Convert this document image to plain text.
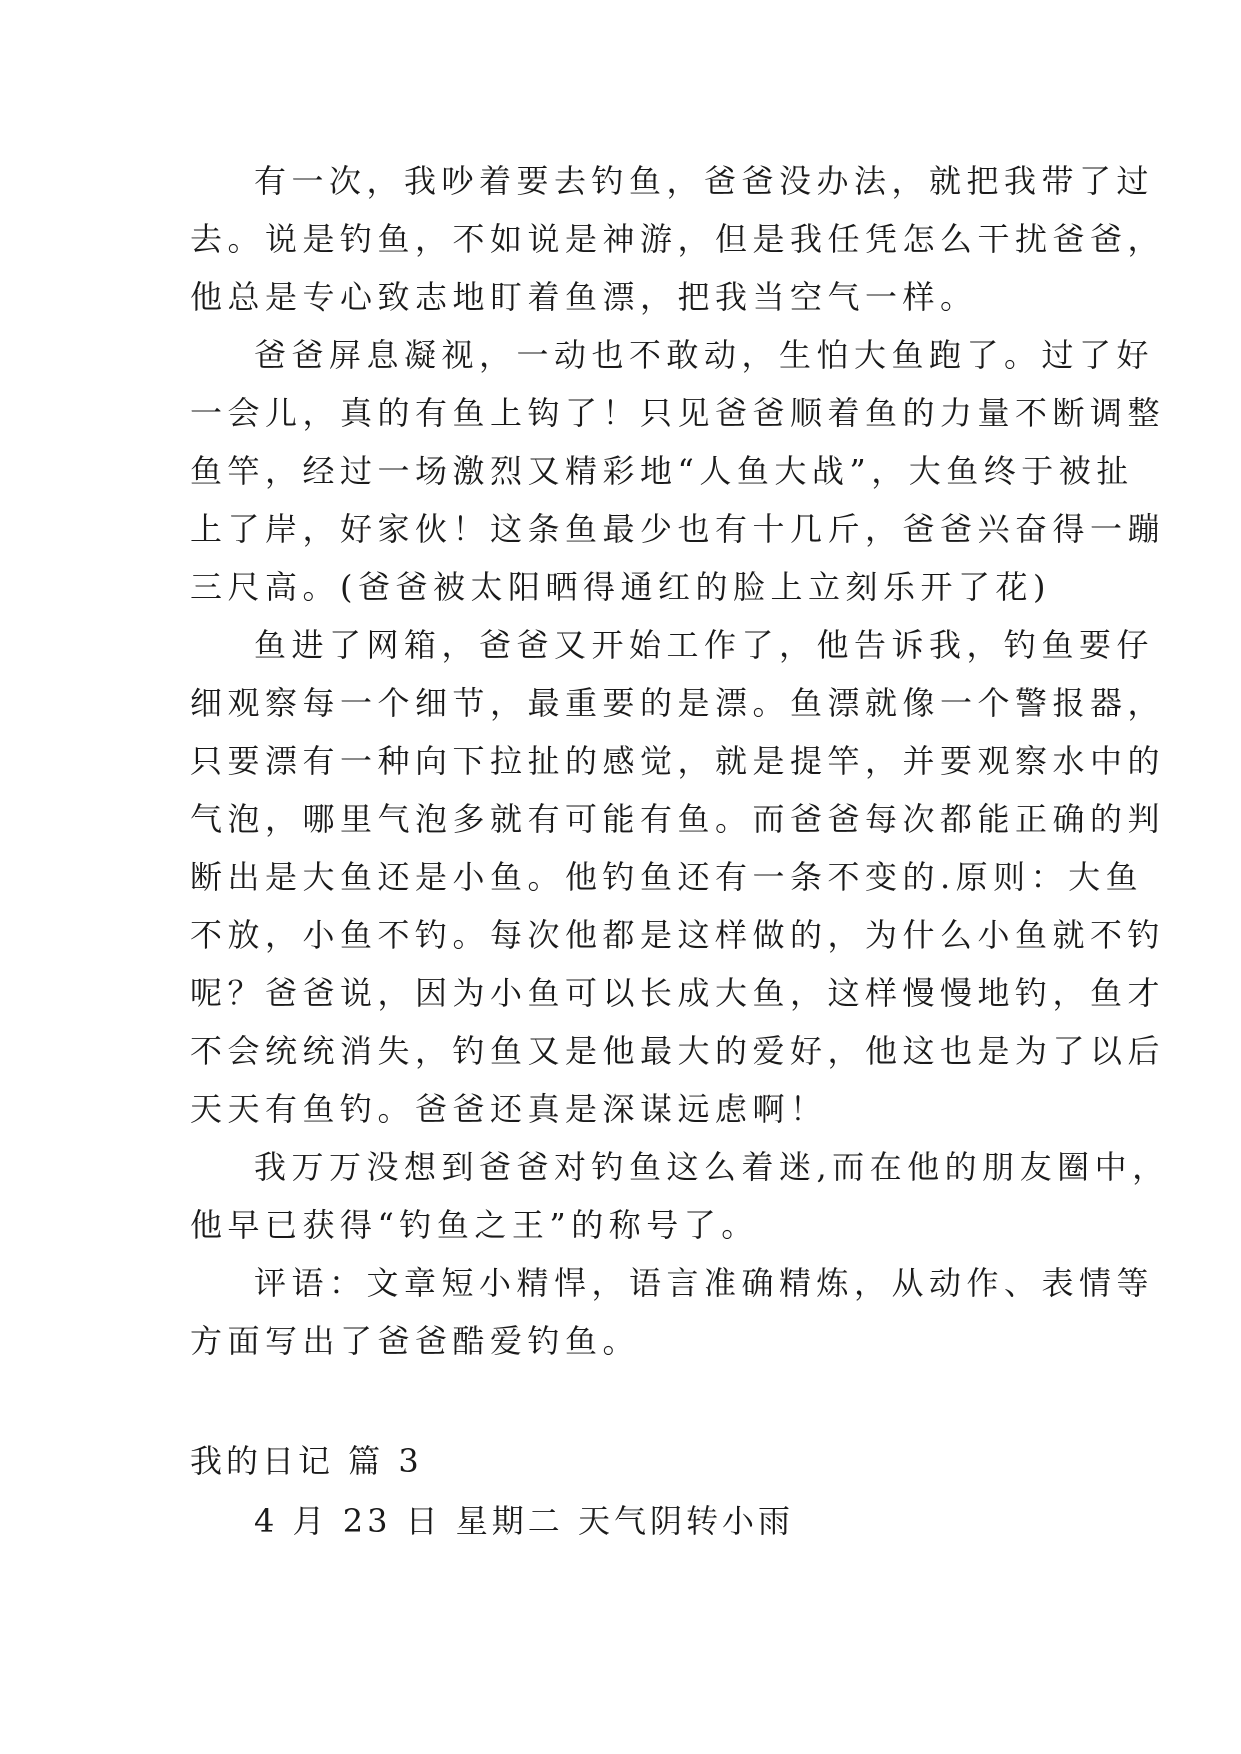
有一次，我吵着要去钓鱼，爸爸没办法，就把我带了过
去。说是钓鱼，不如说是神游，但是我任凭怎么干扰爸爸，
他总是专心致志地盯着鱼漂，把我当空气一样。
爸爸屏息凝视，一动也不敢动，生怕大鱼跑了。过了好
一会儿，真的有鱼上钩了！只见爸爸顺着鱼的力量不断调整
鱼竿，经过一场激烈又精彩地“人鱼大战”，大鱼终于被扯
上了岸，好家伙！这条鱼最少也有十几斤，爸爸兴奋得一蹦
三尺高。(爸爸被太阳晒得通红的脸上立刻乐开了花)
鱼进了网箱，爸爸又开始工作了，他告诉我，钓鱼要仔
细观察每一个细节，最重要的是漂。鱼漂就像一个警报器，
只要漂有一种向下拉扯的感觉，就是提竿，并要观察水中的
气泡，哪里气泡多就有可能有鱼。而爸爸每次都能正确的判
断出是大鱼还是小鱼。他钓鱼还有一条不变的.原则：大鱼
不放，小鱼不钓。每次他都是这样做的，为什么小鱼就不钓
呢？爸爸说，因为小鱼可以长成大鱼，这样慢慢地钓，鱼才
不会统统消失，钓鱼又是他最大的爱好，他这也是为了以后
天天有鱼钓。爸爸还真是深谋远虑啊！
我万万没想到爸爸对钓鱼这么着迷,而在他的朋友圈中，
他早已获得“钓鱼之王”的称号了。
评语：文章短小精悍，语言准确精炼，从动作、表情等
方面写出了爸爸酷爱钓鱼。
我的日记 篇 3

4 月 23 日 星期二 天气阴转小雨
